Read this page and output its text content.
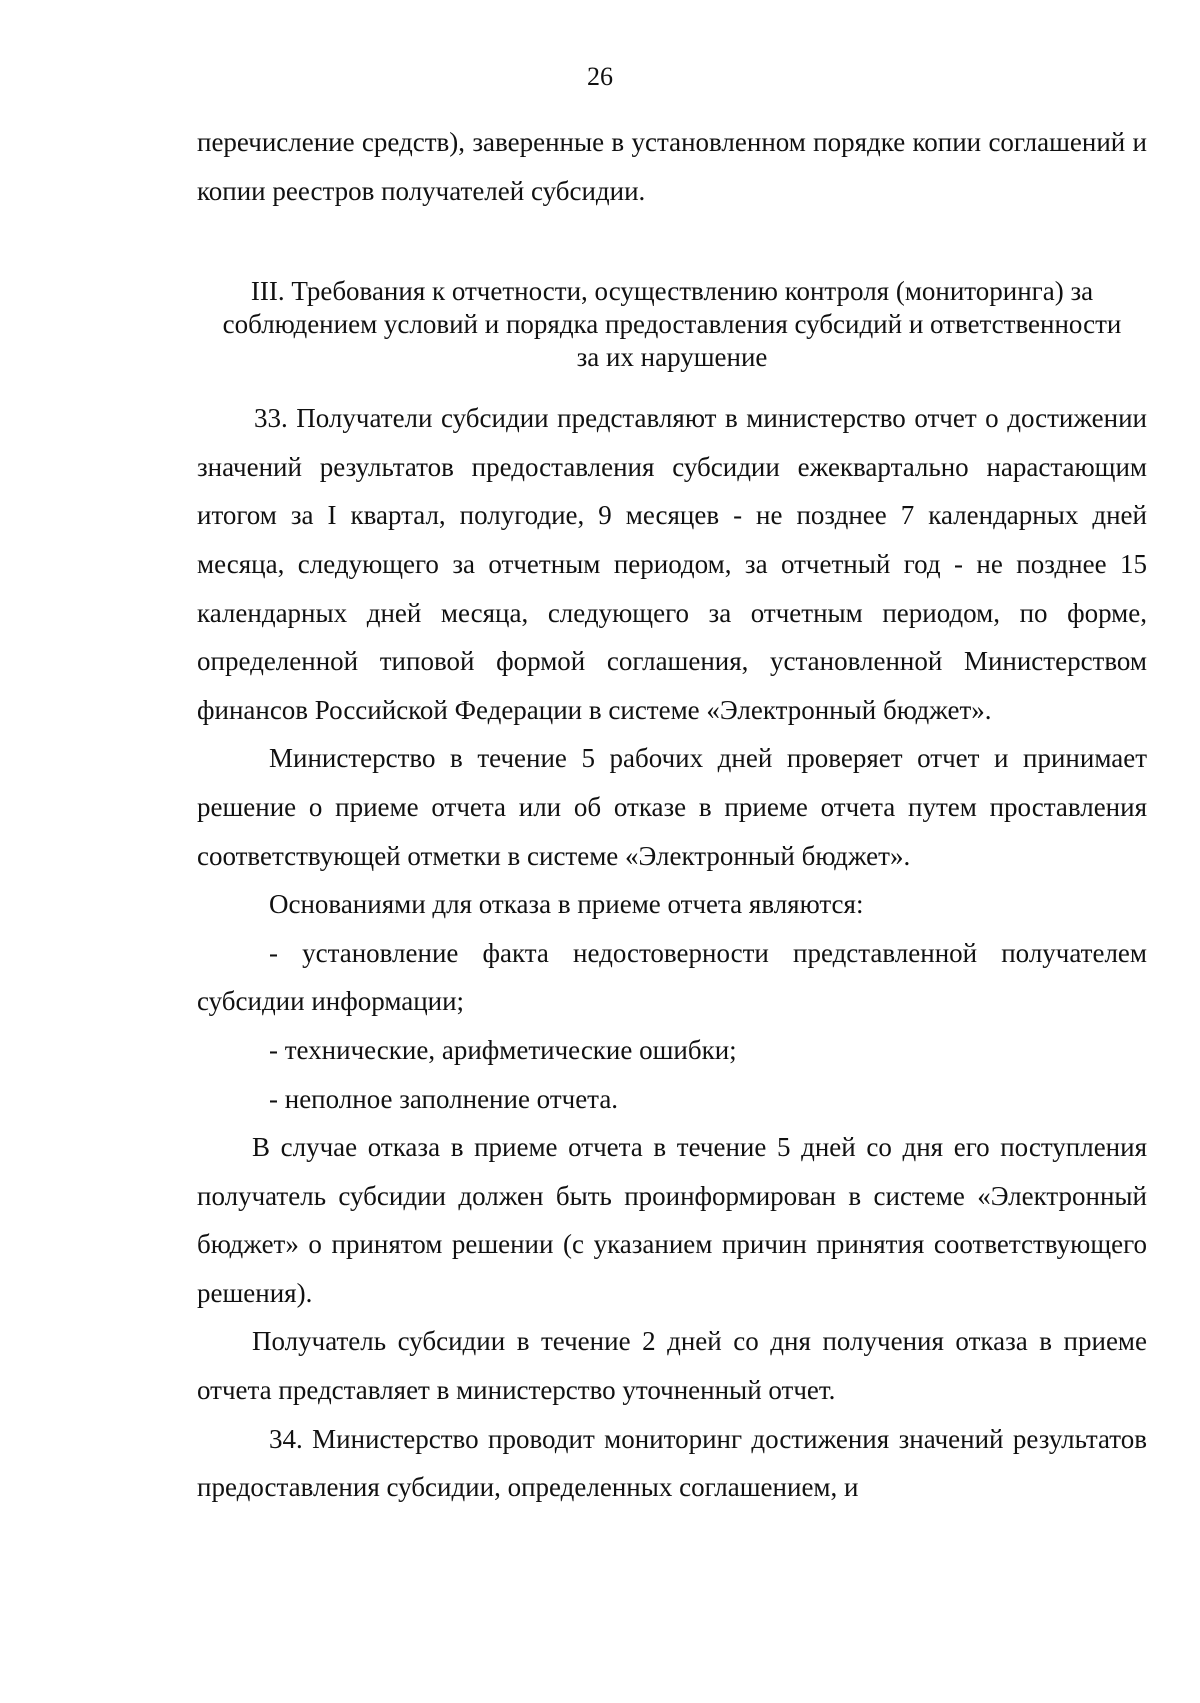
26

перечисление средств), заверенные в установленном порядке копии соглашений и копии реестров получателей субсидии.

III. Требования к отчетности, осуществлению контроля (мониторинга) за

соблюдением условий и порядка предоставления субсидий и ответственности

за их нарушение

33. Получатели субсидии представляют в министерство отчет о достижении значений результатов предоставления субсидии ежеквартально нарастающим итогом за I квартал, полугодие, 9 месяцев - не позднее 7 календарных дней месяца, следующего за отчетным периодом, за отчетный год - не позднее 15 календарных дней месяца, следующего за отчетным периодом, по форме, определенной типовой формой соглашения, установленной Министерством финансов Российской Федерации в системе «Электронный бюджет».

Министерство в течение 5 рабочих дней проверяет отчет и принимает решение о приеме отчета или об отказе в приеме отчета путем проставления соответствующей отметки в системе «Электронный бюджет».

Основаниями для отказа в приеме отчета являются:

- установление факта недостоверности представленной получателем субсидии информации;

- технические, арифметические ошибки;

- неполное заполнение отчета.

В случае отказа в приеме отчета в течение 5 дней со дня его поступления получатель субсидии должен быть проинформирован в системе «Электронный бюджет» о принятом решении (с указанием причин принятия соответствующего решения).

Получатель субсидии в течение 2 дней со дня получения отказа в приеме отчета представляет в министерство уточненный отчет.

34. Министерство проводит мониторинг достижения значений результатов предоставления субсидии, определенных соглашением, и
